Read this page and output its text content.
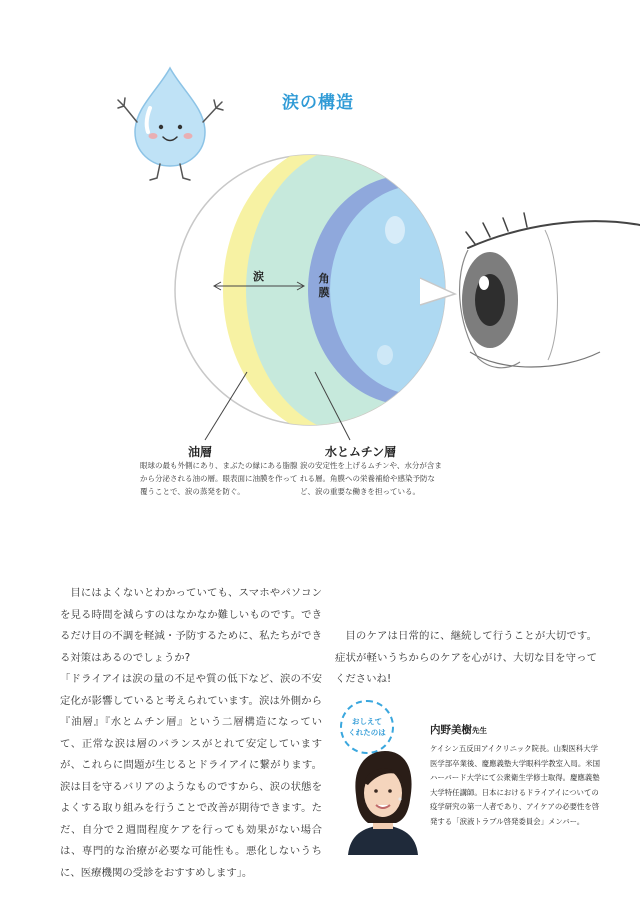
涙の構造
涙	角膜
油層
眼球の最も外側にあり、まぶたの縁にある脂腺から分泌される油の層。眼表面に油膜を作って覆うことで、涙の蒸発を防ぐ。
水とムチン層
涙の安定性を上げるムチンや、水分が含まれる層。角膜への栄養補給や感染予防など、涙の重要な働きを担っている。

目にはよくないとわかっていても、スマホやパソコンを見る時間を減らすのはなかなか難しいものです。できるだけ目の不調を軽減・予防するために、私たちができる対策はあるのでしょうか?

「ドライアイは涙の量の不足や質の低下など、涙の不安定化が影響していると考えられています。涙は外側から『油層』『水とムチン層』という二層構造になっていて、正常な涙は層のバランスがとれて安定していますが、これらに問題が生じるとドライアイに繋がります。涙は目を守るバリアのようなものですから、涙の状態をよくする取り組みを行うことで改善が期待できます。ただ、自分で２週間程度ケアを行っても効果がない場合は、専門的な治療が必要な可能性も。悪化しないうちに、医療機関の受診をおすすめします」。

目のケアは日常的に、継続して行うことが大切です。症状が軽いうちからのケアを心がけ、大切な目を守ってくださいね!

おしえて
くれたのは	内野美樹先生
ケイシン五反田アイクリニック院長。山梨医科大学医学部卒業後、慶應義塾大学眼科学教室入局。米国ハーバード大学にて公衆衛生学修士取得。慶應義塾大学特任講師。日本におけるドライアイについての疫学研究の第一人者であり、アイケアの必要性を啓発する「涙液トラブル啓発委員会」メンバー。
